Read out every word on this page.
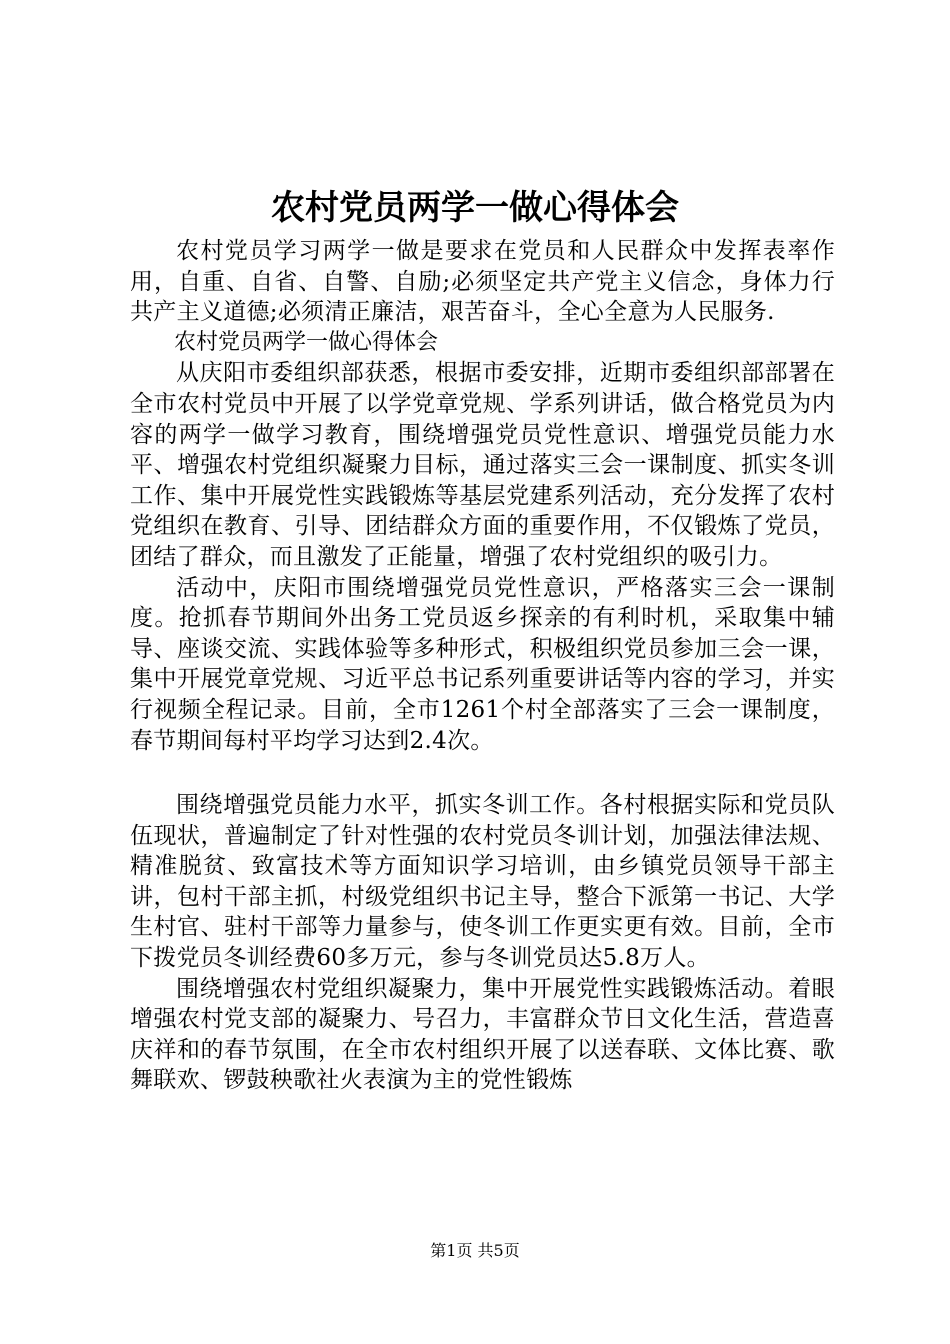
农村党员两学一做心得体会

农村党员学习两学一做是要求在党员和人民群众中发挥表率作用，自重、自省、自警、自励;必须坚定共产党主义信念，身体力行共产主义道德;必须清正廉洁，艰苦奋斗，全心全意为人民服务.

农村党员两学一做心得体会

从庆阳市委组织部获悉，根据市委安排，近期市委组织部部署在全市农村党员中开展了以学党章党规、学系列讲话，做合格党员为内容的两学一做学习教育，围绕增强党员党性意识、增强党员能力水平、增强农村党组织凝聚力目标，通过落实三会一课制度、抓实冬训工作、集中开展党性实践锻炼等基层党建系列活动，充分发挥了农村党组织在教育、引导、团结群众方面的重要作用，不仅锻炼了党员，团结了群众，而且激发了正能量，增强了农村党组织的吸引力。

活动中，庆阳市围绕增强党员党性意识，严格落实三会一课制度。抢抓春节期间外出务工党员返乡探亲的有利时机，采取集中辅导、座谈交流、实践体验等多种形式，积极组织党员参加三会一课，集中开展党章党规、习近平总书记系列重要讲话等内容的学习，并实行视频全程记录。目前，全市1261个村全部落实了三会一课制度，春节期间每村平均学习达到2.4次。

围绕增强党员能力水平，抓实冬训工作。各村根据实际和党员队伍现状，普遍制定了针对性强的农村党员冬训计划，加强法律法规、精准脱贫、致富技术等方面知识学习培训，由乡镇党员领导干部主讲，包村干部主抓，村级党组织书记主导，整合下派第一书记、大学生村官、驻村干部等力量参与，使冬训工作更实更有效。目前，全市下拨党员冬训经费60多万元，参与冬训党员达5.8万人。

围绕增强农村党组织凝聚力，集中开展党性实践锻炼活动。着眼增强农村党支部的凝聚力、号召力，丰富群众节日文化生活，营造喜庆祥和的春节氛围，在全市农村组织开展了以送春联、文体比赛、歌舞联欢、锣鼓秧歌社火表演为主的党性锻炼

第1页 共5页
